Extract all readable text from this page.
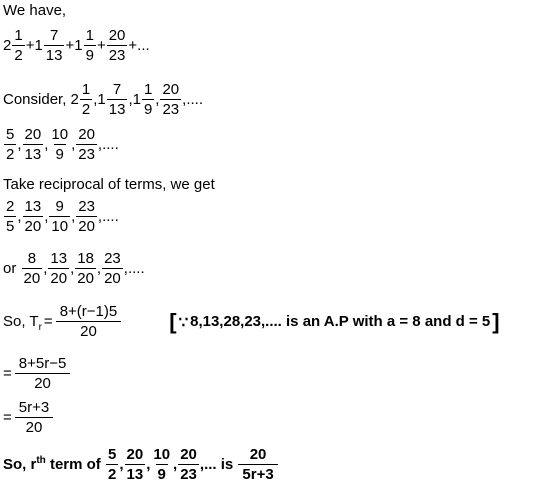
We have,
$2 \frac{1}{2} +1 \frac{7}{13} +1 \frac{1}{9} + \frac{20}{23}$ +...
Consider, $2 \frac{1}{2} ,1 \frac{7}{13} ,1 \frac{1}{9}$ , $\frac{20}{23}$ ,....
$\frac{5}{2}$ , $\frac{20}{13}$ , $\frac{10}{9}$ , $\frac{20}{23}$ ,....
Take reciprocal of terms, we get
$\frac{2}{5}$ , $\frac{13}{20}$ , $\frac{9}{10}$ , $\frac{23}{20}$ ,....
or $\frac{8}{20}$ , $\frac{13}{20}$ , $\frac{18}{20}$ , $\frac{23}{20}$ ,....
So, $T_r = \frac{8+(r-1)5}{20}$ [ ∵ 8,13,28,23,.... is an A.P with a = 8 and d = 5 ]
= $\frac{8+5r-5}{20}$
= $\frac{5r+3}{20}$
So, $r^{th}$ term of $\frac{5}{2}$ , $\frac{20}{13}$ , $\frac{10}{9}$ , $\frac{20}{23}$ ,... is $\frac{20}{5r+3}$
